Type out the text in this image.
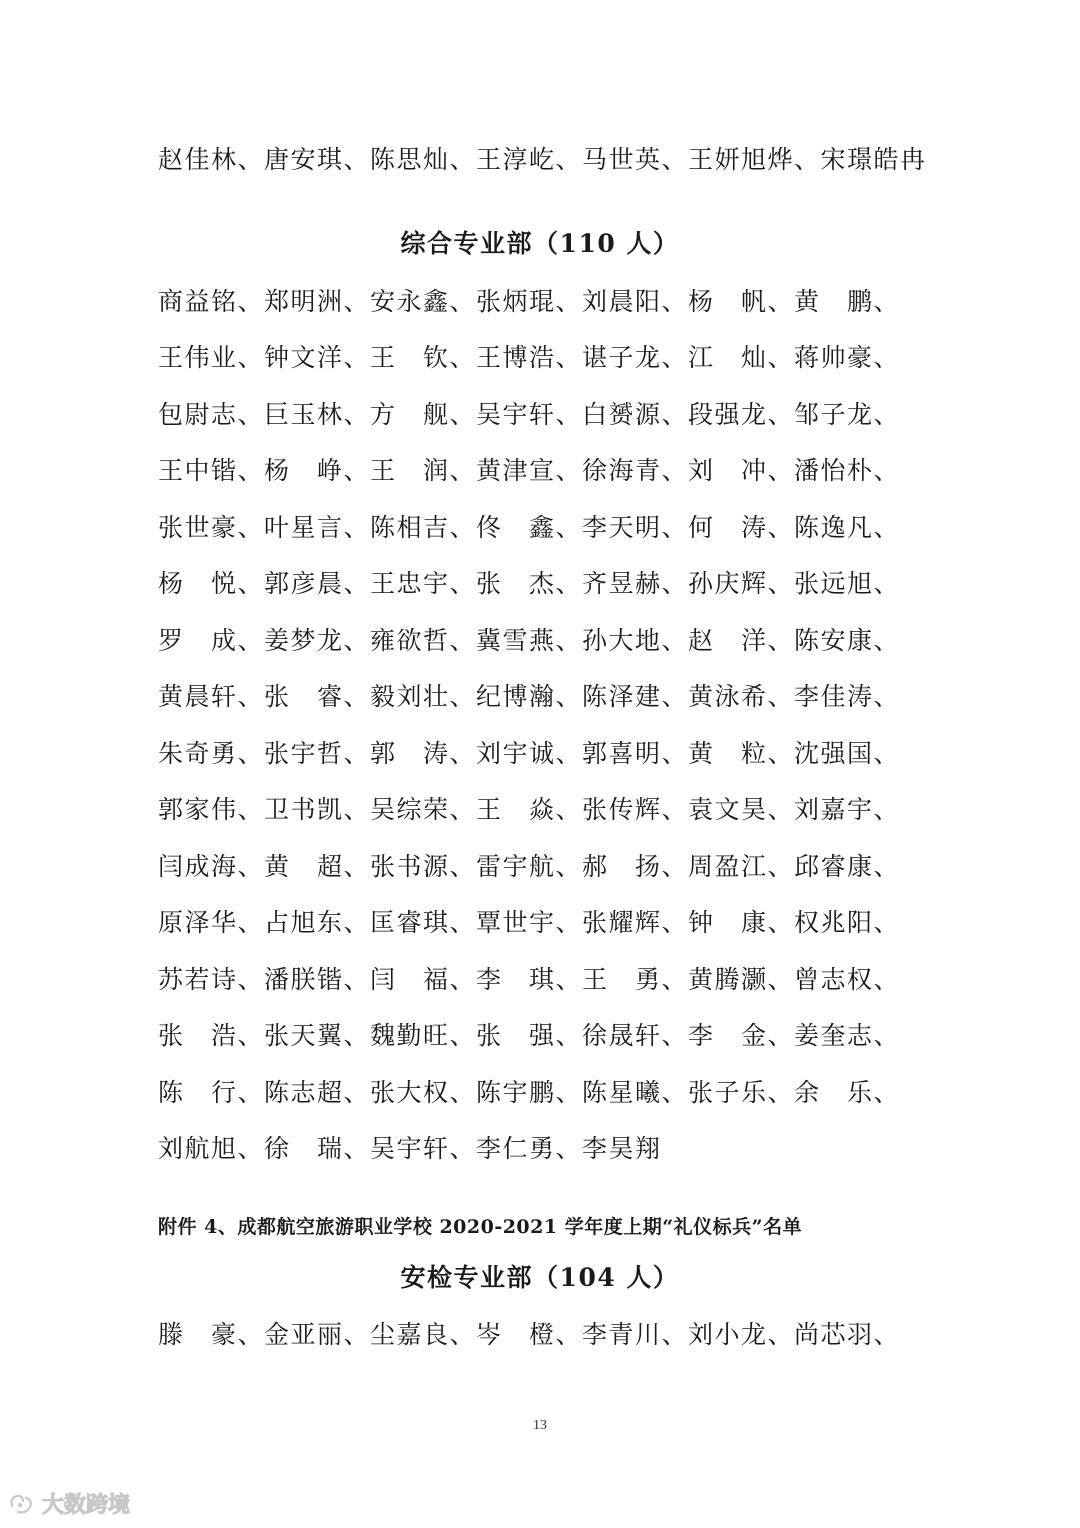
赵佳林、唐安琪、陈思灿、王淳屹、马世英、王妍旭烨、宋璟皓冉
综合专业部（110 人）
商益铭、郑明洲、安永鑫、张炳琨、刘晨阳、杨　帆、黄　鹏、
王伟业、钟文洋、王　钦、王博浩、谌子龙、江　灿、蒋帅豪、
包尉志、巨玉林、方　舰、吴宇轩、白赟源、段强龙、邹子龙、
王中锴、杨　峥、王　润、黄津宣、徐海青、刘　冲、潘怡朴、
张世豪、叶星言、陈相吉、佟　鑫、李天明、何　涛、陈逸凡、
杨　悦、郭彦晨、王忠宇、张　杰、齐昱赫、孙庆辉、张远旭、
罗　成、姜梦龙、雍欲哲、冀雪燕、孙大地、赵　洋、陈安康、
黄晨轩、张　睿、毅刘壮、纪博瀚、陈泽建、黄泳希、李佳涛、
朱奇勇、张宇哲、郭　涛、刘宇诚、郭喜明、黄　粒、沈强国、
郭家伟、卫书凯、吴综荣、王　焱、张传辉、袁文昊、刘嘉宇、
闫成海、黄　超、张书源、雷宇航、郝　扬、周盈江、邱睿康、
原泽华、占旭东、匡睿琪、覃世宇、张耀辉、钟　康、权兆阳、
苏若诗、潘朕锴、闫　福、李　琪、王　勇、黄腾灏、曾志权、
张　浩、张天翼、魏勤旺、张　强、徐晟轩、李　金、姜奎志、
陈　行、陈志超、张大权、陈宇鹏、陈星曦、张子乐、余　乐、
刘航旭、徐　瑞、吴宇轩、李仁勇、李昊翔
附件 4、成都航空旅游职业学校 2020-2021 学年度上期“礼仪标兵”名单
安检专业部（104 人）
滕　豪、金亚丽、尘嘉良、岑　橙、李青川、刘小龙、尚芯羽、
13
大数跨境
